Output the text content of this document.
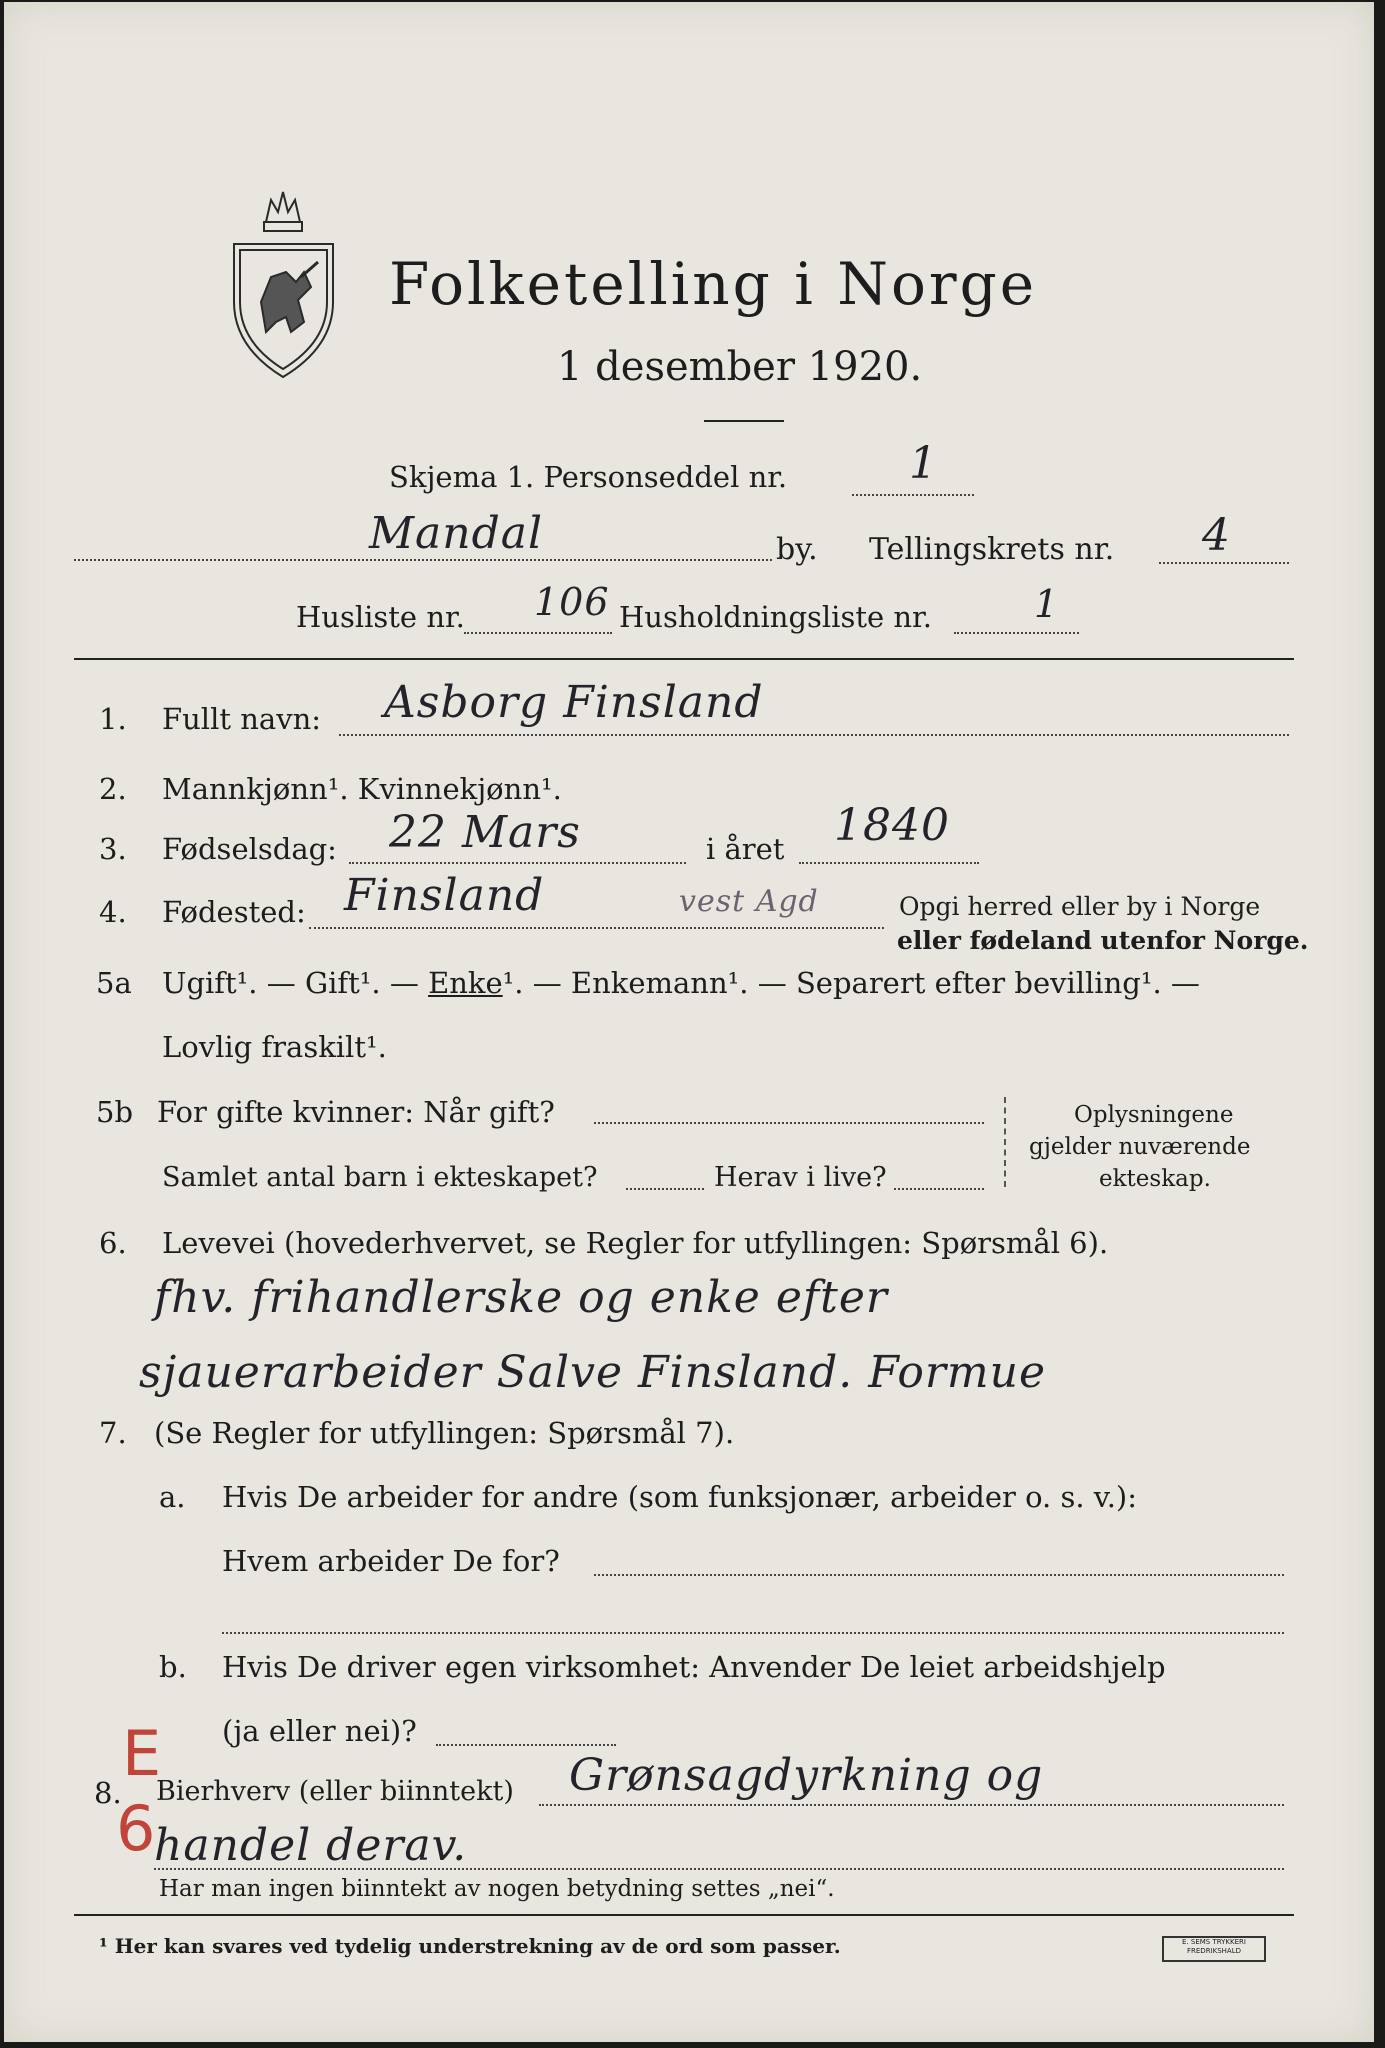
Folketelling i Norge
1 desember 1920.
Skjema 1. Personseddel nr.	1
Mandal	by. Tellingskrets nr. 4
Husliste nr. 106 Husholdningsliste nr.	1
1. Fullt navn: Asborg Finsland
2. Mannkjønn¹. Kvinnekjønn¹.
3. Fødselsdag: 22 Mars	i året 1840
4. Fødested: Finsland	vest Agd	Opgi herred eller by i Norge
eller fødeland utenfor Norge.
5a Ugift¹. — Gift¹. — Enke¹. — Enkemann¹. — Separert efter bevilling¹. —
Lovlig fraskilt¹.
5b For gifte kvinner: Når gift?
Samlet antal barn i ekteskapet?	Herav i live?
Oplysningene
gjelder nuværende
ekteskap.
6. Levevei (hovederhvervet, se Regler for utfyllingen: Spørsmål 6).
fhv. frihandlerske og enke efter
sjauerarbeider Salve Finsland. Formue
7. (Se Regler for utfyllingen: Spørsmål 7).
a. Hvis De arbeider for andre (som funksjonær, arbeider o. s. v.):
Hvem arbeider De for?
b. Hvis De driver egen virksomhet: Anvender De leiet arbeidshjelp
(ja eller nei)?
8. Bierhverv (eller biinntekt) Grønsagdyrkning og
handel derav.
Har man ingen biinntekt av nogen betydning settes „nei“.
E
6
¹ Her kan svares ved tydelig understrekning av de ord som passer.	E. SEMS TRYKKERI FREDRIKSHALD
